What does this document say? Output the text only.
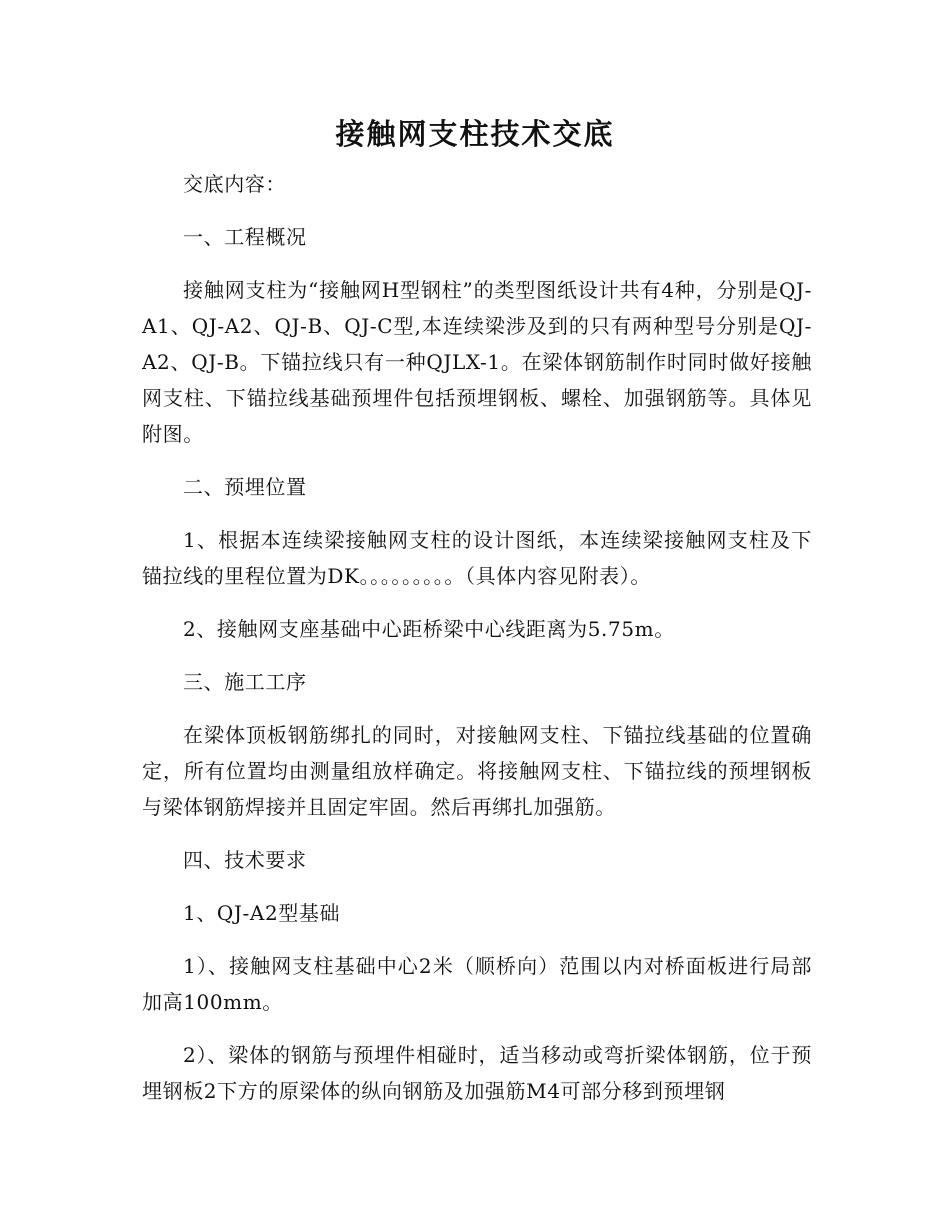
接触网支柱技术交底

交底内容：

一、工程概况

接触网支柱为“接触网H型钢柱”的类型图纸设计共有4种，分别是QJ-A1、QJ-A2、QJ-B、QJ-C型,本连续梁涉及到的只有两种型号分别是QJ-A2、QJ-B。下锚拉线只有一种QJLX-1。在梁体钢筋制作时同时做好接触网支柱、下锚拉线基础预埋件包括预埋钢板、螺栓、加强钢筋等。具体见附图。

二、预埋位置

1、根据本连续梁接触网支柱的设计图纸，本连续梁接触网支柱及下锚拉线的里程位置为DK。。。。。。。。。（具体内容见附表）。

2、接触网支座基础中心距桥梁中心线距离为5.75m。

三、施工工序

在梁体顶板钢筋绑扎的同时，对接触网支柱、下锚拉线基础的位置确定，所有位置均由测量组放样确定。将接触网支柱、下锚拉线的预埋钢板与梁体钢筋焊接并且固定牢固。然后再绑扎加强筋。

四、技术要求

1、QJ-A2型基础

1）、接触网支柱基础中心2米（顺桥向）范围以内对桥面板进行局部加高100mm。

2）、梁体的钢筋与预埋件相碰时，适当移动或弯折梁体钢筋，位于预埋钢板2下方的原梁体的纵向钢筋及加强筋M4可部分移到预埋钢
